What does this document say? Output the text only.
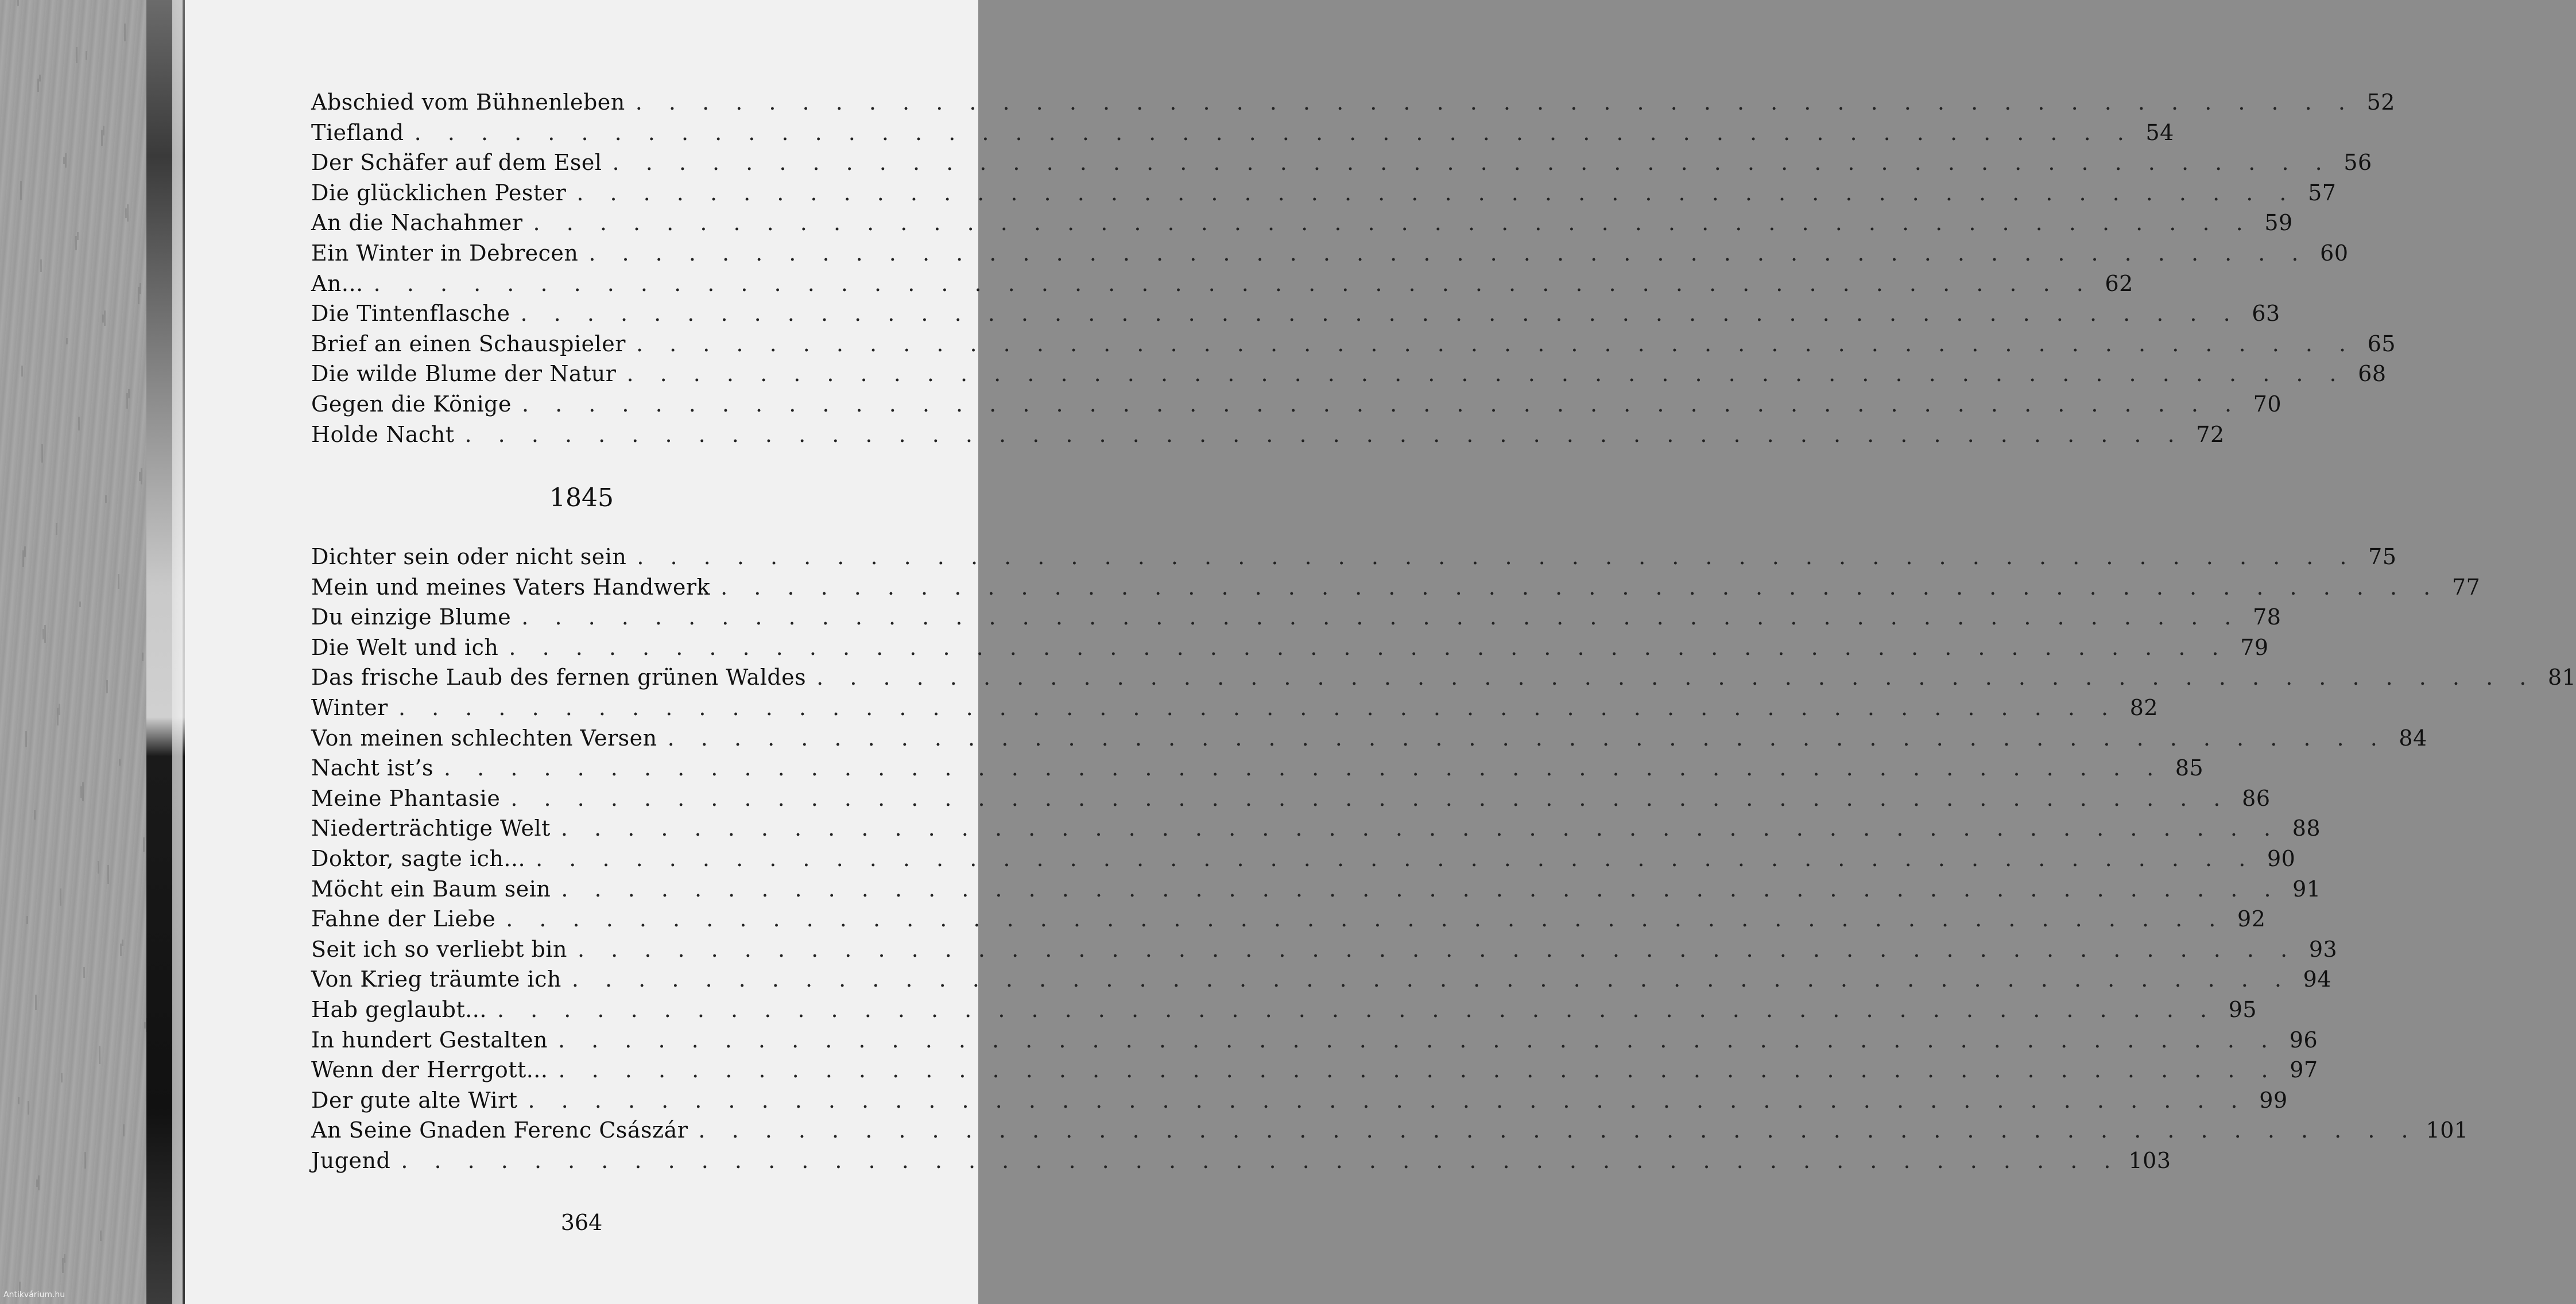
1845
364
Abschied vom Bühnenleben . . . . . . . . . . . . . . . . . . . . . . . . . . . . . . . . . . . . . . . . . . . . . . . . . . . . 52
Tiefland . . . . . . . . . . . . . . . . . . . . . . . . . . . . . . . . . . . . . . . . . . . . . . . . . . . . 54
Der Schäfer auf dem Esel . . . . . . . . . . . . . . . . . . . . . . . . . . . . . . . . . . . . . . . . . . . . . . . . . . . . 56
Die glücklichen Pester . . . . . . . . . . . . . . . . . . . . . . . . . . . . . . . . . . . . . . . . . . . . . . . . . . . . 57
An die Nachahmer . . . . . . . . . . . . . . . . . . . . . . . . . . . . . . . . . . . . . . . . . . . . . . . . . . . . 59
Ein Winter in Debrecen . . . . . . . . . . . . . . . . . . . . . . . . . . . . . . . . . . . . . . . . . . . . . . . . . . . . 60
An... . . . . . . . . . . . . . . . . . . . . . . . . . . . . . . . . . . . . . . . . . . . . . . . . . . . . 62
Die Tintenflasche . . . . . . . . . . . . . . . . . . . . . . . . . . . . . . . . . . . . . . . . . . . . . . . . . . . . 63
Brief an einen Schauspieler . . . . . . . . . . . . . . . . . . . . . . . . . . . . . . . . . . . . . . . . . . . . . . . . . . . . 65
Die wilde Blume der Natur . . . . . . . . . . . . . . . . . . . . . . . . . . . . . . . . . . . . . . . . . . . . . . . . . . . . 68
Gegen die Könige . . . . . . . . . . . . . . . . . . . . . . . . . . . . . . . . . . . . . . . . . . . . . . . . . . . . 70
Holde Nacht . . . . . . . . . . . . . . . . . . . . . . . . . . . . . . . . . . . . . . . . . . . . . . . . . . . . 72
Dichter sein oder nicht sein . . . . . . . . . . . . . . . . . . . . . . . . . . . . . . . . . . . . . . . . . . . . . . . . . . . . 75
Mein und meines Vaters Handwerk . . . . . . . . . . . . . . . . . . . . . . . . . . . . . . . . . . . . . . . . . . . . . . . . . . . . 77
Du einzige Blume . . . . . . . . . . . . . . . . . . . . . . . . . . . . . . . . . . . . . . . . . . . . . . . . . . . . 78
Die Welt und ich . . . . . . . . . . . . . . . . . . . . . . . . . . . . . . . . . . . . . . . . . . . . . . . . . . . . 79
Das frische Laub des fernen grünen Waldes . . . . . . . . . . . . . . . . . . . . . . . . . . . . . . . . . . . . . . . . . . . . . . . . . . . . 81
Winter . . . . . . . . . . . . . . . . . . . . . . . . . . . . . . . . . . . . . . . . . . . . . . . . . . . . 82
Von meinen schlechten Versen . . . . . . . . . . . . . . . . . . . . . . . . . . . . . . . . . . . . . . . . . . . . . . . . . . . . 84
Nacht ist’s . . . . . . . . . . . . . . . . . . . . . . . . . . . . . . . . . . . . . . . . . . . . . . . . . . . . 85
Meine Phantasie . . . . . . . . . . . . . . . . . . . . . . . . . . . . . . . . . . . . . . . . . . . . . . . . . . . . 86
Niederträchtige Welt . . . . . . . . . . . . . . . . . . . . . . . . . . . . . . . . . . . . . . . . . . . . . . . . . . . . 88
Doktor, sagte ich... . . . . . . . . . . . . . . . . . . . . . . . . . . . . . . . . . . . . . . . . . . . . . . . . . . . . 90
Möcht ein Baum sein . . . . . . . . . . . . . . . . . . . . . . . . . . . . . . . . . . . . . . . . . . . . . . . . . . . . 91
Fahne der Liebe . . . . . . . . . . . . . . . . . . . . . . . . . . . . . . . . . . . . . . . . . . . . . . . . . . . . 92
Seit ich so verliebt bin . . . . . . . . . . . . . . . . . . . . . . . . . . . . . . . . . . . . . . . . . . . . . . . . . . . . 93
Von Krieg träumte ich . . . . . . . . . . . . . . . . . . . . . . . . . . . . . . . . . . . . . . . . . . . . . . . . . . . . 94
Hab geglaubt... . . . . . . . . . . . . . . . . . . . . . . . . . . . . . . . . . . . . . . . . . . . . . . . . . . . . 95
In hundert Gestalten . . . . . . . . . . . . . . . . . . . . . . . . . . . . . . . . . . . . . . . . . . . . . . . . . . . . 96
Wenn der Herrgott... . . . . . . . . . . . . . . . . . . . . . . . . . . . . . . . . . . . . . . . . . . . . . . . . . . . . 97
Der gute alte Wirt . . . . . . . . . . . . . . . . . . . . . . . . . . . . . . . . . . . . . . . . . . . . . . . . . . . . 99
An Seine Gnaden Ferenc Császár . . . . . . . . . . . . . . . . . . . . . . . . . . . . . . . . . . . . . . . . . . . . . . . . . . . . 101
Jugend . . . . . . . . . . . . . . . . . . . . . . . . . . . . . . . . . . . . . . . . . . . . . . . . . . . . 103
Antikvárium.hu
